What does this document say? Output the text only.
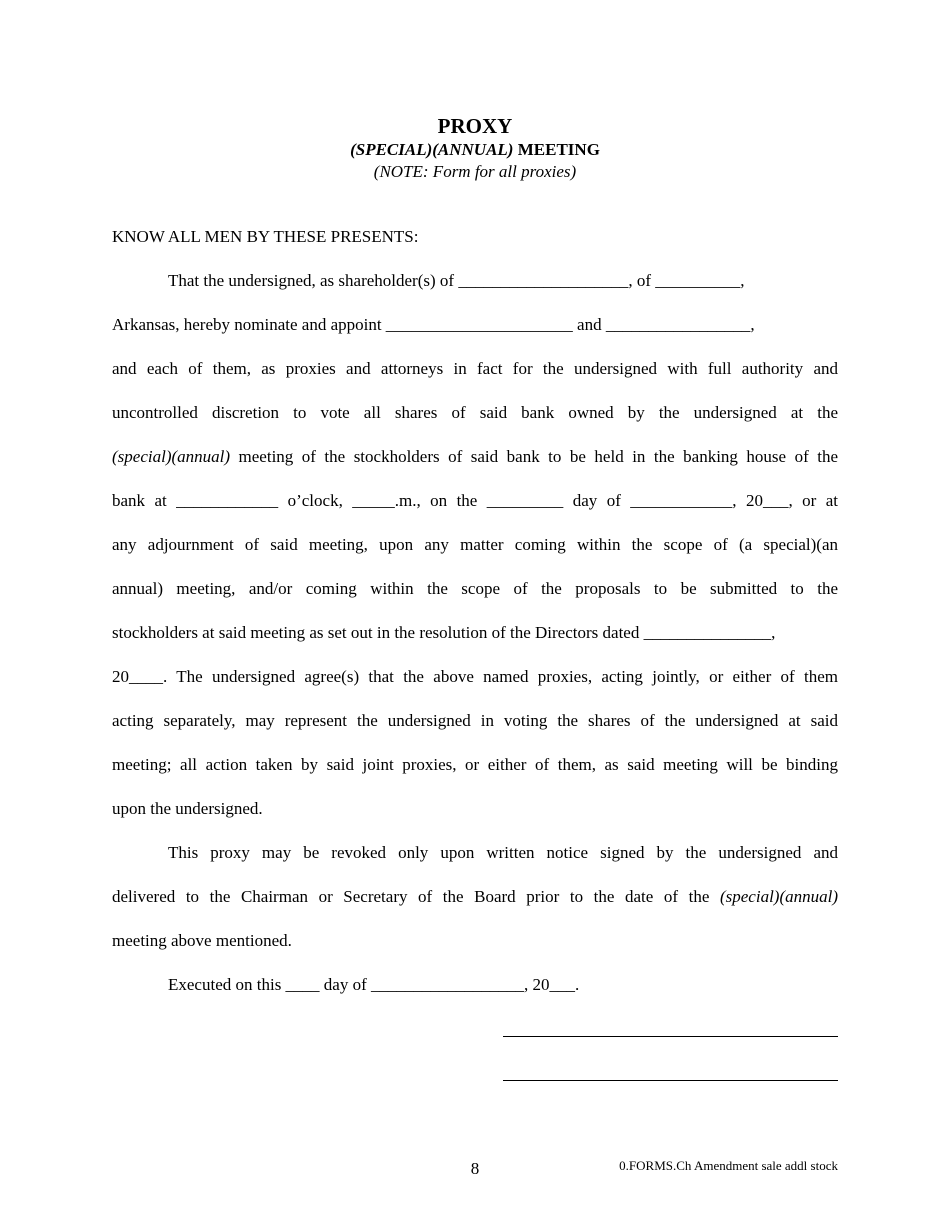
PROXY
(SPECIAL)(ANNUAL) MEETING
(NOTE: Form for all proxies)
KNOW ALL MEN BY THESE PRESENTS:
That the undersigned, as shareholder(s) of ____________________, of __________,
Arkansas, hereby nominate and appoint ______________________ and _________________,
and each of them, as proxies and attorneys in fact for the undersigned with full authority and
uncontrolled discretion to vote all shares of said bank owned by the undersigned at the
(special)(annual) meeting of the stockholders of said bank to be held in the banking house of the
bank at ____________ o’clock, _____.m., on the _________ day of ____________, 20___, or at
any adjournment of said meeting, upon any matter coming within the scope of (a special)(an
annual) meeting, and/or coming within the scope of the proposals to be submitted to the
stockholders at said meeting as set out in the resolution of the Directors dated _______________,
20____. The undersigned agree(s) that the above named proxies, acting jointly, or either of them
acting separately, may represent the undersigned in voting the shares of the undersigned at said
meeting; all action taken by said joint proxies, or either of them, as said meeting will be binding
upon the undersigned.
This proxy may be revoked only upon written notice signed by the undersigned and
delivered to the Chairman or Secretary of the Board prior to the date of the (special)(annual)
meeting above mentioned.
Executed on this ____ day of __________________, 20___.
8	0.FORMS.Ch Amendment sale addl stock
